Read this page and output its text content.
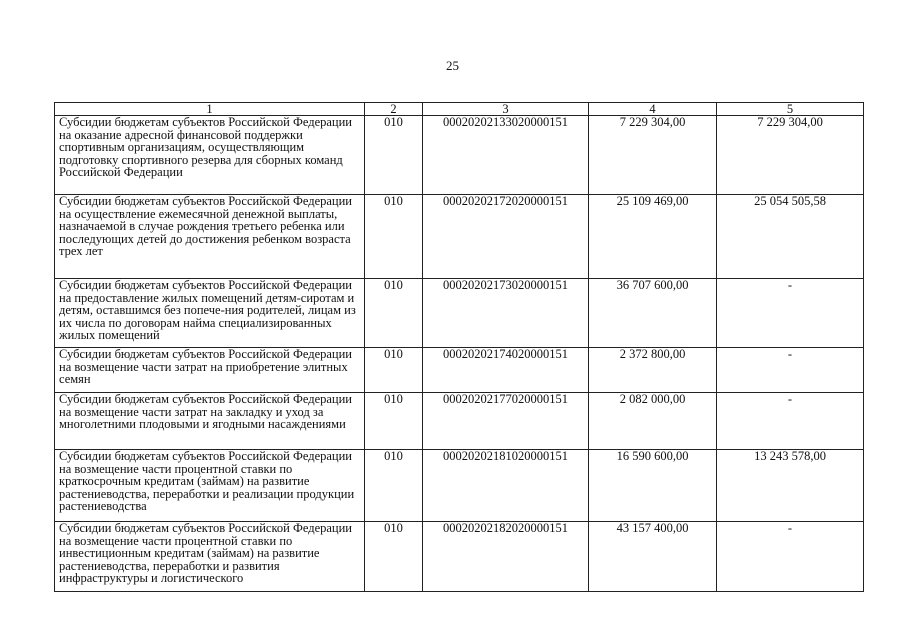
25
1	2	3	4	5
Субсидии бюджетам субъектов Российской Федерации на оказание адресной финансовой поддержки спортивным организациям, осуществляющим подготовку спортивного резерва для сборных команд Российской Федерации	010	00020202133020000151	7 229 304,00	7 229 304,00
Субсидии бюджетам субъектов Российской Федерации на осуществление ежемесячной денежной выплаты, назначаемой в случае рождения третьего ребенка или последующих детей до достижения ребенком возраста трех лет	010	00020202172020000151	25 109 469,00	25 054 505,58
Субсидии бюджетам субъектов Российской Федерации на предоставление жилых помещений детям-сиротам и детям, оставшимся без попече-ния родителей, лицам из их числа по договорам найма специализированных жилых помещений	010	00020202173020000151	36 707 600,00	-
Субсидии бюджетам субъектов Российской Федерации на возмещение части затрат на приобретение элитных семян	010	00020202174020000151	2 372 800,00	-
Субсидии бюджетам субъектов Российской Федерации на возмещение части затрат на закладку и уход за многолетними плодовыми и ягодными насаждениями	010	00020202177020000151	2 082 000,00	-
Субсидии бюджетам субъектов Российской Федерации на возмещение части процентной ставки по краткосрочным кредитам (займам) на развитие растениеводства, переработки и реализации продукции растениеводства	010	00020202181020000151	16 590 600,00	13 243 578,00
Субсидии бюджетам субъектов Российской Федерации на возмещение части процентной ставки по инвестиционным кредитам (займам) на развитие растениеводства, переработки и развития инфраструктуры и логистического	010	00020202182020000151	43 157 400,00	-
